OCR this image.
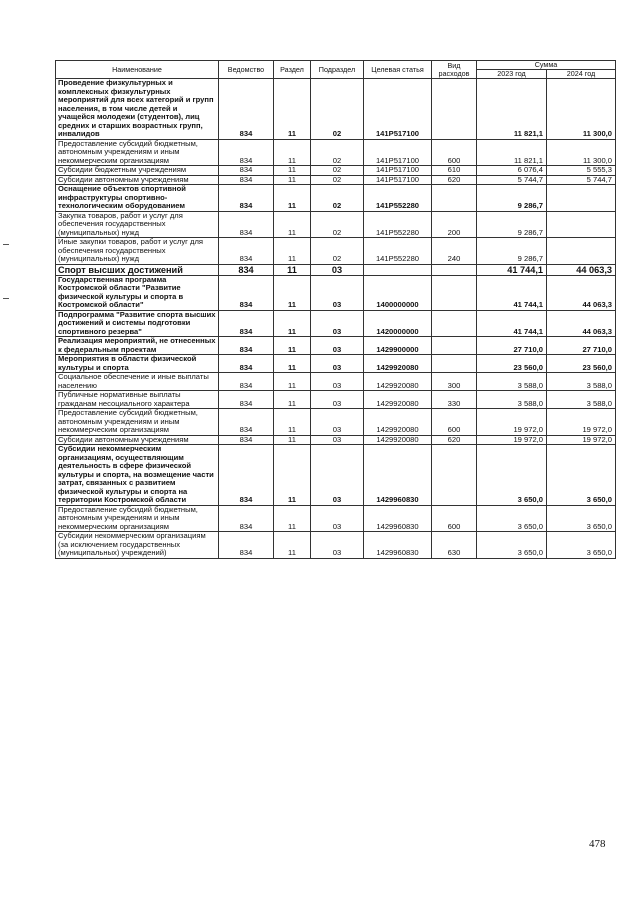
Наименование	Ведомство	Раздел	Подраздел	Целевая статья	Вид расходов	Сумма	
						2023 год	2024 год
Проведение физкультурных и комплексных физкультурных мероприятий для всех категорий и групп населения, в том числе детей и учащейся молодежи (студентов), лиц средних и старших возрастных групп, инвалидов	834	11	02	141P517100		11 821,1	11 300,0
Предоставление субсидий бюджетным, автономным учреждениям и иным некоммерческим организациям	834	11	02	141P517100	600	11 821,1	11 300,0
Субсидии бюджетным учреждениям	834	11	02	141P517100	610	6 076,4	5 555,3
Субсидии автономным учреждениям	834	11	02	141P517100	620	5 744,7	5 744,7
Оснащение объектов спортивной инфраструктуры спортивно-технологическим оборудованием	834	11	02	141P552280		9 286,7	
Закупка товаров, работ и услуг для обеспечения государственных (муниципальных) нужд	834	11	02	141P552280	200	9 286,7	
Иные закупки товаров, работ и услуг для обеспечения государственных (муниципальных) нужд	834	11	02	141P552280	240	9 286,7	
Спорт высших достижений	834	11	03			41 744,1	44 063,3
Государственная программа Костромской области "Развитие физической культуры и спорта в Костромской области"	834	11	03	1400000000		41 744,1	44 063,3
Подпрограмма "Развитие спорта высших достижений и системы подготовки спортивного резерва"	834	11	03	1420000000		41 744,1	44 063,3
Реализация мероприятий, не отнесенных к федеральным проектам	834	11	03	1429900000		27 710,0	27 710,0
Мероприятия в области физической культуры и спорта	834	11	03	1429920080		23 560,0	23 560,0
Социальное обеспечение и иные выплаты населению	834	11	03	1429920080	300	3 588,0	3 588,0
Публичные нормативные выплаты гражданам несоциального характера	834	11	03	1429920080	330	3 588,0	3 588,0
Предоставление субсидий бюджетным, автономным учреждениям и иным некоммерческим организациям	834	11	03	1429920080	600	19 972,0	19 972,0
Субсидии автономным учреждениям	834	11	03	1429920080	620	19 972,0	19 972,0
Субсидии некоммерческим организациям, осуществляющим деятельность в сфере физической культуры и спорта, на возмещение части затрат, связанных с развитием физической культуры и спорта на территории Костромской области	834	11	03	1429960830		3 650,0	3 650,0
Предоставление субсидий бюджетным, автономным учреждениям и иным некоммерческим организациям	834	11	03	1429960830	600	3 650,0	3 650,0
Субсидии некоммерческим организациям (за исключением государственных (муниципальных) учреждений)	834	11	03	1429960830	630	3 650,0	3 650,0
478
